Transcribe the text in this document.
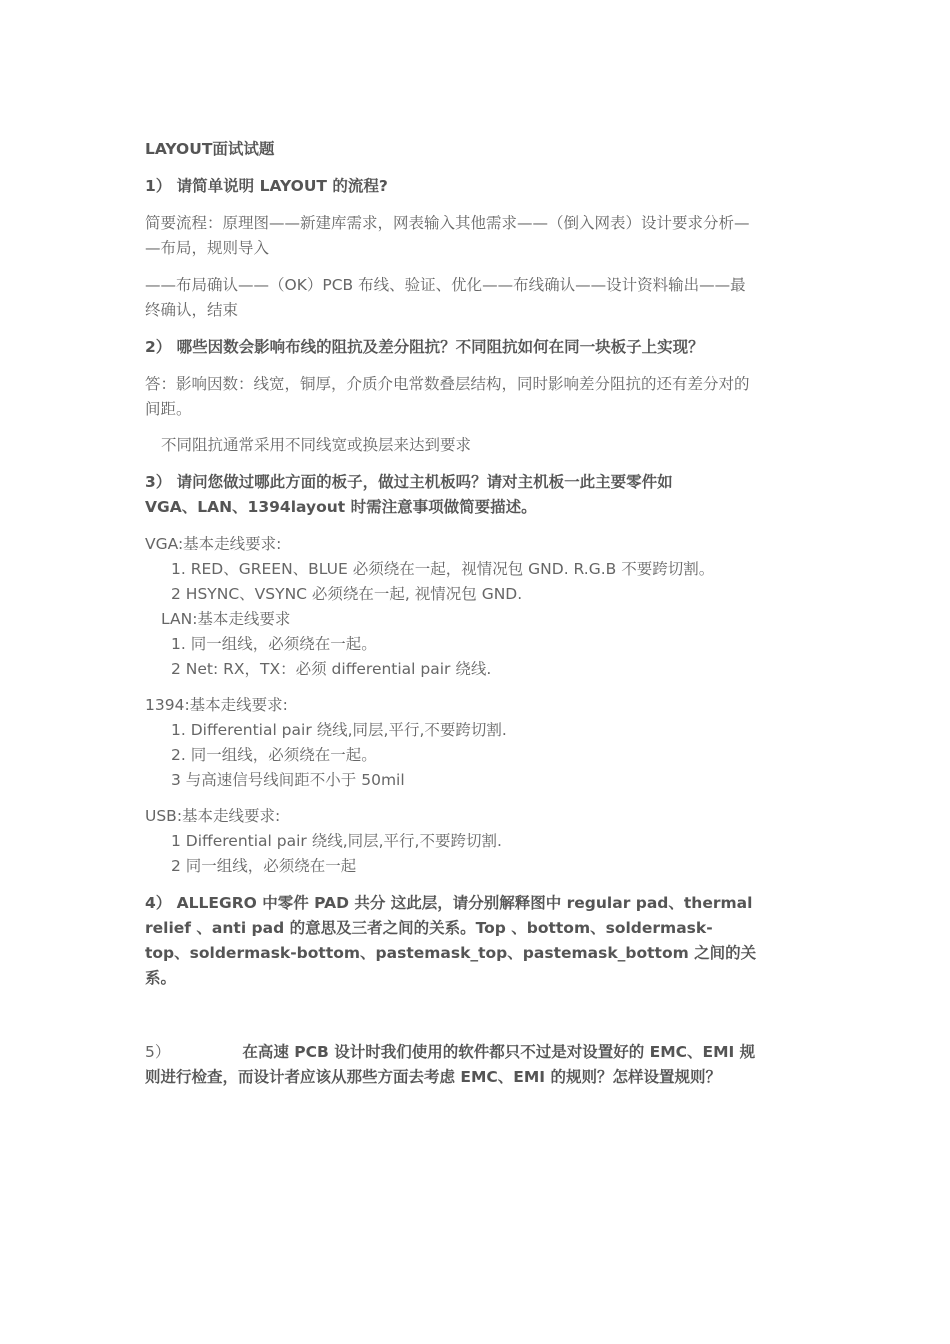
LAYOUT面试试题
1） 请简单说明 LAYOUT 的流程?
简要流程：原理图——新建库需求，网表输入其他需求——（倒入网表）设计要求分析—
—布局，规则导入
——布局确认——（OK）PCB 布线、验证、优化——布线确认——设计资料输出——最
终确认，结束
2） 哪些因数会影响布线的阻抗及差分阻抗？不同阻抗如何在同一块板子上实现？
答：影响因数：线宽，铜厚，介质介电常数叠层结构，同时影响差分阻抗的还有差分对的
间距。
不同阻抗通常采用不同线宽或换层来达到要求
3） 请问您做过哪此方面的板子，做过主机板吗？请对主机板一此主要零件如
VGA、LAN、1394layout 时需注意事项做简要描述。
VGA:基本走线要求:
1. RED、GREEN、BLUE 必须绕在一起，视情况包 GND. R.G.B 不要跨切割。
2 HSYNC、VSYNC 必须绕在一起, 视情况包 GND.
LAN:基本走线要求
1. 同一组线，必须绕在一起。
2 Net: RX，TX：必须 differential pair 绕线.
1394:基本走线要求:
1. Differential pair 绕线,同层,平行,不要跨切割.
2. 同一组线，必须绕在一起。
3 与高速信号线间距不小于 50mil
USB:基本走线要求:
1 Differential pair 绕线,同层,平行,不要跨切割.
2 同一组线，必须绕在一起
4） ALLEGRO 中零件 PAD 共分 这此层，请分别解释图中 regular pad、thermal
relief 、anti pad 的意思及三者之间的关系。Top 、bottom、soldermask-
top、soldermask-bottom、pastemask_top、pastemask_bottom 之间的关
系。
5）	在高速 PCB 设计时我们使用的软件都只不过是对设置好的 EMC、EMI 规
则进行检查，而设计者应该从那些方面去考虑 EMC、EMI 的规则？怎样设置规则？
